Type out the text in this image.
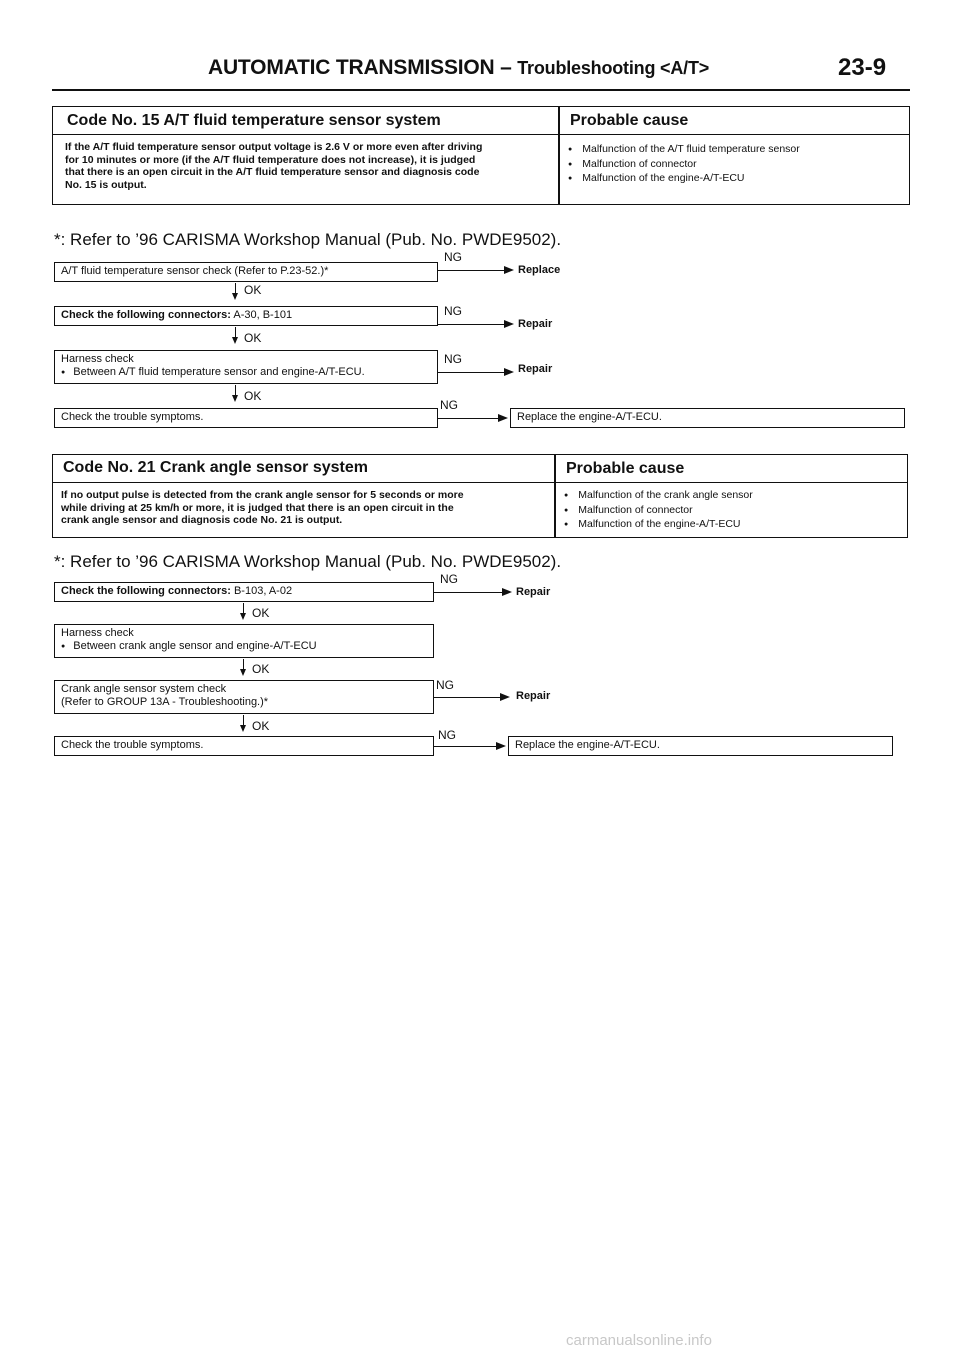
AUTOMATIC TRANSMISSION – Troubleshooting <A/T>	23-9
Code No. 15 A/T fluid temperature sensor system	Probable cause
If the A/T fluid temperature sensor output voltage is 2.6 V or more even after driving
for 10 minutes or more (if the A/T fluid temperature does not increase), it is judged
that there is an open circuit in the A/T fluid temperature sensor and diagnosis code
No. 15 is output.
● Malfunction of the A/T fluid temperature sensor
● Malfunction of connector
● Malfunction of the engine-A/T-ECU
*: Refer to ’96 CARISMA Workshop Manual (Pub. No. PWDE9502).
A/T fluid temperature sensor check (Refer to P.23-52.)*
NG
Replace
OK
Check the following connectors: A-30, B-101	NG
Repair
OK
Harness check
● Between A/T fluid temperature sensor and engine-A/T-ECU.
NG
Repair
OK
Check the trouble symptoms.
NG
Replace the engine-A/T-ECU.
Code No. 21 Crank angle sensor system	Probable cause
If no output pulse is detected from the crank angle sensor for 5 seconds or more
while driving at 25 km/h or more, it is judged that there is an open circuit in the
crank angle sensor and diagnosis code No. 21 is output.
● Malfunction of the crank angle sensor
● Malfunction of connector
● Malfunction of the engine-A/T-ECU
*: Refer to ’96 CARISMA Workshop Manual (Pub. No. PWDE9502).
Check the following connectors: B-103, A-02
NG
Repair
OK
Harness check
● Between crank angle sensor and engine-A/T-ECU
OK
Crank angle sensor system check
(Refer to GROUP 13A - Troubleshooting.)*
NG
Repair
OK
Check the trouble symptoms.
NG
Replace the engine-A/T-ECU.
carmanualsonline.info
